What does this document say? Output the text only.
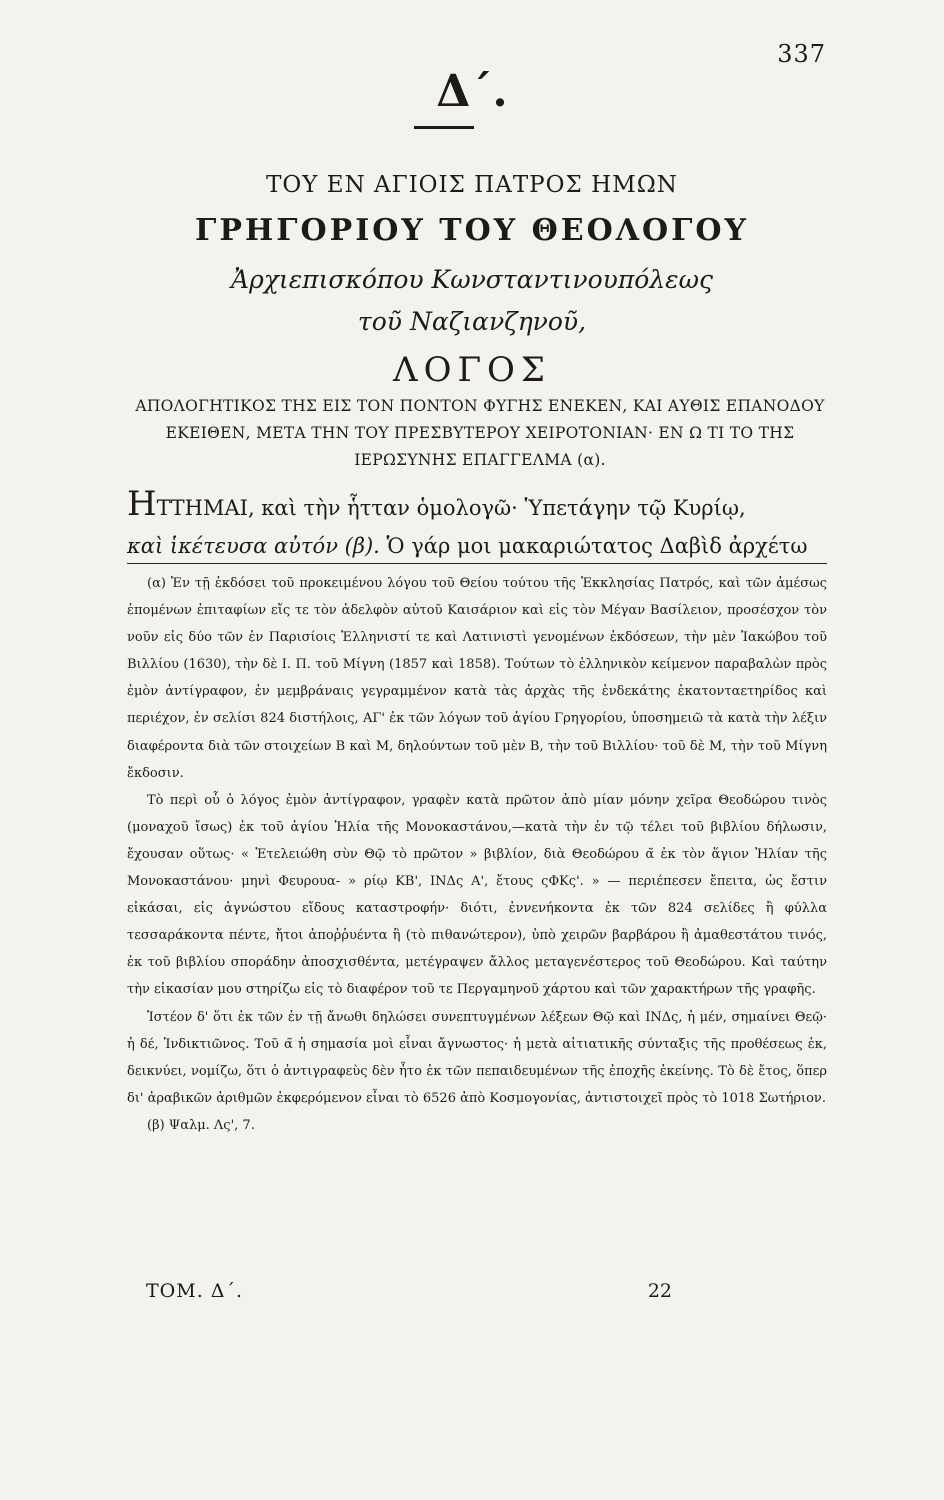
337
Δ΄.
ΤΟΥ ΕΝ ΑΓΙΟΙΣ ΠΑΤΡΟΣ ΗΜΩΝ
ΓΡΗΓΟΡΙΟΥ ΤΟΥ ΘΕΟΛΟΓΟΥ
Ἀρχιεπισκόπου Κωνσταντινουπόλεως
τοῦ Ναζιανζηνοῦ,
ΛΟΓΟΣ
ΑΠΟΛΟΓΗΤΙΚΟΣ ΤΗΣ ΕΙΣ ΤΟΝ ΠΟΝΤΟΝ ΦΥΓΗΣ ΕΝΕΚΕΝ, ΚΑΙ ΑΥΘΙΣ ΕΠΑΝΟΔΟΥ ΕΚΕΙΘΕΝ, ΜΕΤΑ ΤΗΝ ΤΟΥ ΠΡΕΣΒΥΤΕΡΟΥ ΧΕΙΡΟΤΟΝΙΑΝ· ΕΝ Ω ΤΙ ΤΟ ΤΗΣ ΙΕΡΩΣΥΝΗΣ ΕΠΑΓΓΕΛΜΑ (α).
ΗΤΤΗΜΑΙ, καὶ τὴν ἧτταν ὁμολογῶ· Ὑπετάγην τῷ Κυρίῳ,
καὶ ἱκέτευσα αὐτόν (β). Ὁ γάρ μοι μακαριώτατος Δαβὶδ ἀρχέτω

(α) Ἐν τῇ ἐκδόσει τοῦ προκειμένου λόγου τοῦ Θείου τούτου τῆς Ἐκκλησίας Πατρός, καὶ τῶν ἀμέσως ἑπομένων ἐπιταφίων εἴς τε τὸν ἀδελφὸν αὐτοῦ Καισάριον καὶ εἰς τὸν Μέγαν Βασίλειον, προσέσχον τὸν νοῦν εἰς δύο τῶν ἐν Παρισίοις Ἑλληνιστί τε καὶ Λατινιστὶ γενομένων ἐκδόσεων, τὴν μὲν Ἰακώβου τοῦ Βιλλίου (1630), τὴν δὲ Ι. Π. τοῦ Μίγνη (1857 καὶ 1858). Τούτων τὸ ἑλληνικὸν κείμενον παραβαλὼν πρὸς ἐμὸν ἀντίγραφον, ἐν μεμβράναις γεγραμμένον κατὰ τὰς ἀρχὰς τῆς ἑνδεκάτης ἑκατονταετηρίδος καὶ περιέχον, ἐν σελίσι 824 διστήλοις, ΑΓ' ἐκ τῶν λόγων τοῦ ἁγίου Γρηγορίου, ὑποσημειῶ τὰ κατὰ τὴν λέξιν διαφέροντα διὰ τῶν στοιχείων Β καὶ Μ, δηλούντων τοῦ μὲν Β, τὴν τοῦ Βιλλίου· τοῦ δὲ Μ, τὴν τοῦ Μίγνη ἔκδοσιν.

Τὸ περὶ οὗ ὁ λόγος ἐμὸν ἀντίγραφον, γραφὲν κατὰ πρῶτον ἀπὸ μίαν μόνην χεῖρα Θεοδώρου τινὸς (μοναχοῦ ἴσως) ἐκ τοῦ ἁγίου Ἠλία τῆς Μονοκαστάνου,—κατὰ τὴν ἐν τῷ τέλει τοῦ βιβλίου δήλωσιν, ἔχουσαν οὕτως· « Ἐτελειώθη σὺν Θῷ τὸ πρῶτον » βιβλίον, διὰ Θεοδώρου α̃ ἐκ τὸν ἅγιον Ἠλίαν τῆς Μονοκαστάνου· μηνὶ Φευρουα- » ρίῳ ΚΒ', ΙΝΔς Α', ἔτους ςΦΚς'. » — περιέπεσεν ἔπειτα, ὡς ἔστιν εἰκάσαι, εἰς ἀγνώστου εἴδους καταστροφήν· διότι, ἐννενήκοντα ἐκ τῶν 824 σελίδες ἢ φύλλα τεσσαράκοντα πέντε, ἤτοι ἀποῤῥυέντα ἢ (τὸ πιθανώτερον), ὑπὸ χειρῶν βαρβάρου ἢ ἀμαθεστάτου τινός, ἐκ τοῦ βιβλίου σποράδην ἀποσχισθέντα, μετέγραψεν ἄλλος μεταγενέστερος τοῦ Θεοδώρου. Καὶ ταύτην τὴν εἰκασίαν μου στηρίζω εἰς τὸ διαφέρον τοῦ τε Περγαμηνοῦ χάρτου καὶ τῶν χαρακτήρων τῆς γραφῆς.

Ἰστέον δ' ὅτι ἐκ τῶν ἐν τῇ ἄνωθι δηλώσει συνεπτυγμένων λέξεων Θῷ καὶ ΙΝΔς, ἡ μέν, σημαίνει Θεῷ· ἡ δέ, Ἰνδικτιῶνος. Τοῦ α̃ ἡ σημασία μοὶ εἶναι ἄγνωστος· ἡ μετὰ αἰτιατικῆς σύνταξις τῆς προθέσεως ἐκ, δεικνύει, νομίζω, ὅτι ὁ ἀντιγραφεὺς δὲν ἦτο ἐκ τῶν πεπαιδευμένων τῆς ἐποχῆς ἐκείνης. Τὸ δὲ ἔτος, ὅπερ δι' ἀραβικῶν ἀριθμῶν ἐκφερόμενον εἶναι τὸ 6526 ἀπὸ Κοσμογονίας, ἀντιστοιχεῖ πρὸς τὸ 1018 Σωτήριον.

(β) Ψαλμ. Λς', 7.

ΤΟΜ. Δ΄.	22
